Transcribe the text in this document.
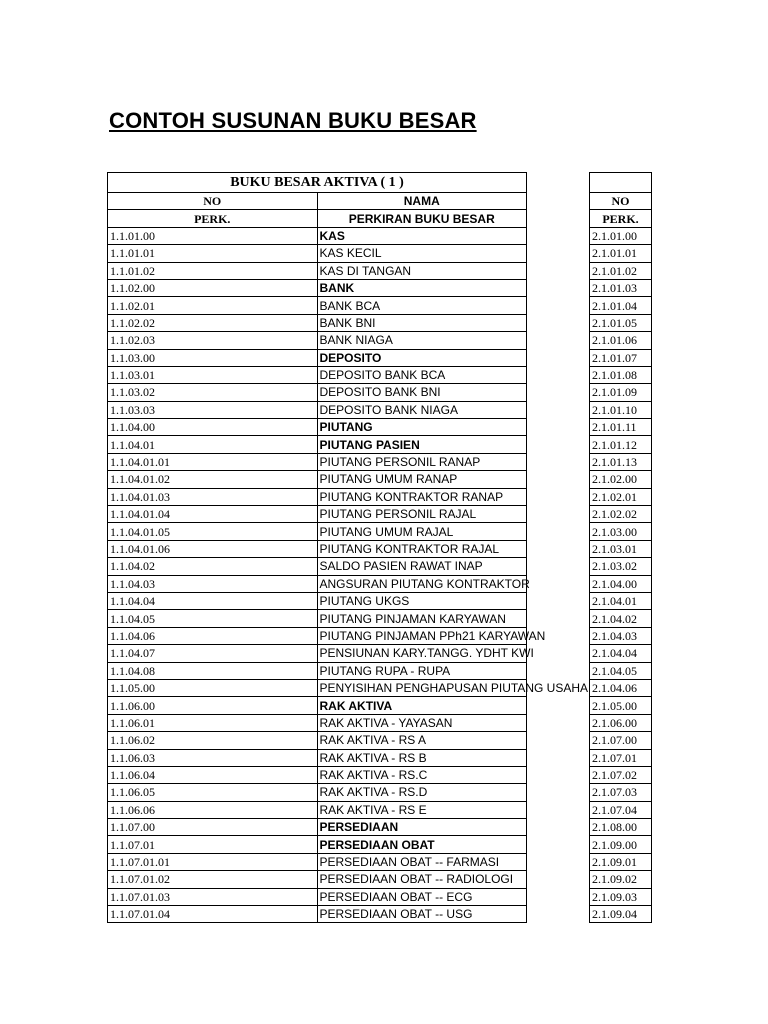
CONTOH SUSUNAN BUKU BESAR
BUKU BESAR AKTIVA ( 1 )	
NO	NAMA
PERK.	PERKIRAN BUKU BESAR
1.1.01.00	KAS
1.1.01.01	KAS KECIL
1.1.01.02	KAS DI TANGAN
1.1.02.00	BANK
1.1.02.01	BANK BCA
1.1.02.02	BANK BNI
1.1.02.03	BANK NIAGA
1.1.03.00	DEPOSITO
1.1.03.01	DEPOSITO BANK BCA
1.1.03.02	DEPOSITO BANK BNI
1.1.03.03	DEPOSITO BANK NIAGA
1.1.04.00	PIUTANG
1.1.04.01	PIUTANG PASIEN
1.1.04.01.01	PIUTANG PERSONIL RANAP
1.1.04.01.02	PIUTANG UMUM RANAP
1.1.04.01.03	PIUTANG KONTRAKTOR RANAP
1.1.04.01.04	PIUTANG PERSONIL RAJAL
1.1.04.01.05	PIUTANG UMUM RAJAL
1.1.04.01.06	PIUTANG KONTRAKTOR RAJAL
1.1.04.02	SALDO PASIEN RAWAT INAP
1.1.04.03	ANGSURAN PIUTANG KONTRAKTOR
1.1.04.04	PIUTANG UKGS
1.1.04.05	PIUTANG PINJAMAN KARYAWAN
1.1.04.06	PIUTANG PINJAMAN PPh21 KARYAWAN
1.1.04.07	PENSIUNAN KARY.TANGG. YDHT KWI
1.1.04.08	PIUTANG RUPA - RUPA
1.1.05.00	PENYISIHAN PENGHAPUSAN PIUTANG USAHA
1.1.06.00	RAK AKTIVA
1.1.06.01	RAK AKTIVA - YAYASAN
1.1.06.02	RAK AKTIVA - RS A
1.1.06.03	RAK AKTIVA - RS B
1.1.06.04	RAK AKTIVA - RS.C
1.1.06.05	RAK AKTIVA - RS.D
1.1.06.06	RAK AKTIVA - RS E
1.1.07.00	PERSEDIAAN
1.1.07.01	PERSEDIAAN OBAT
1.1.07.01.01	PERSEDIAAN OBAT -- FARMASI
1.1.07.01.02	PERSEDIAAN OBAT -- RADIOLOGI
1.1.07.01.03	PERSEDIAAN OBAT -- ECG
1.1.07.01.04	PERSEDIAAN OBAT -- USG

NO
PERK.
2.1.01.00
2.1.01.01
2.1.01.02
2.1.01.03
2.1.01.04
2.1.01.05
2.1.01.06
2.1.01.07
2.1.01.08
2.1.01.09
2.1.01.10
2.1.01.11
2.1.01.12
2.1.01.13
2.1.02.00
2.1.02.01
2.1.02.02
2.1.03.00
2.1.03.01
2.1.03.02
2.1.04.00
2.1.04.01
2.1.04.02
2.1.04.03
2.1.04.04
2.1.04.05
2.1.04.06
2.1.05.00
2.1.06.00
2.1.07.00
2.1.07.01
2.1.07.02
2.1.07.03
2.1.07.04
2.1.08.00
2.1.09.00
2.1.09.01
2.1.09.02
2.1.09.03
2.1.09.04
